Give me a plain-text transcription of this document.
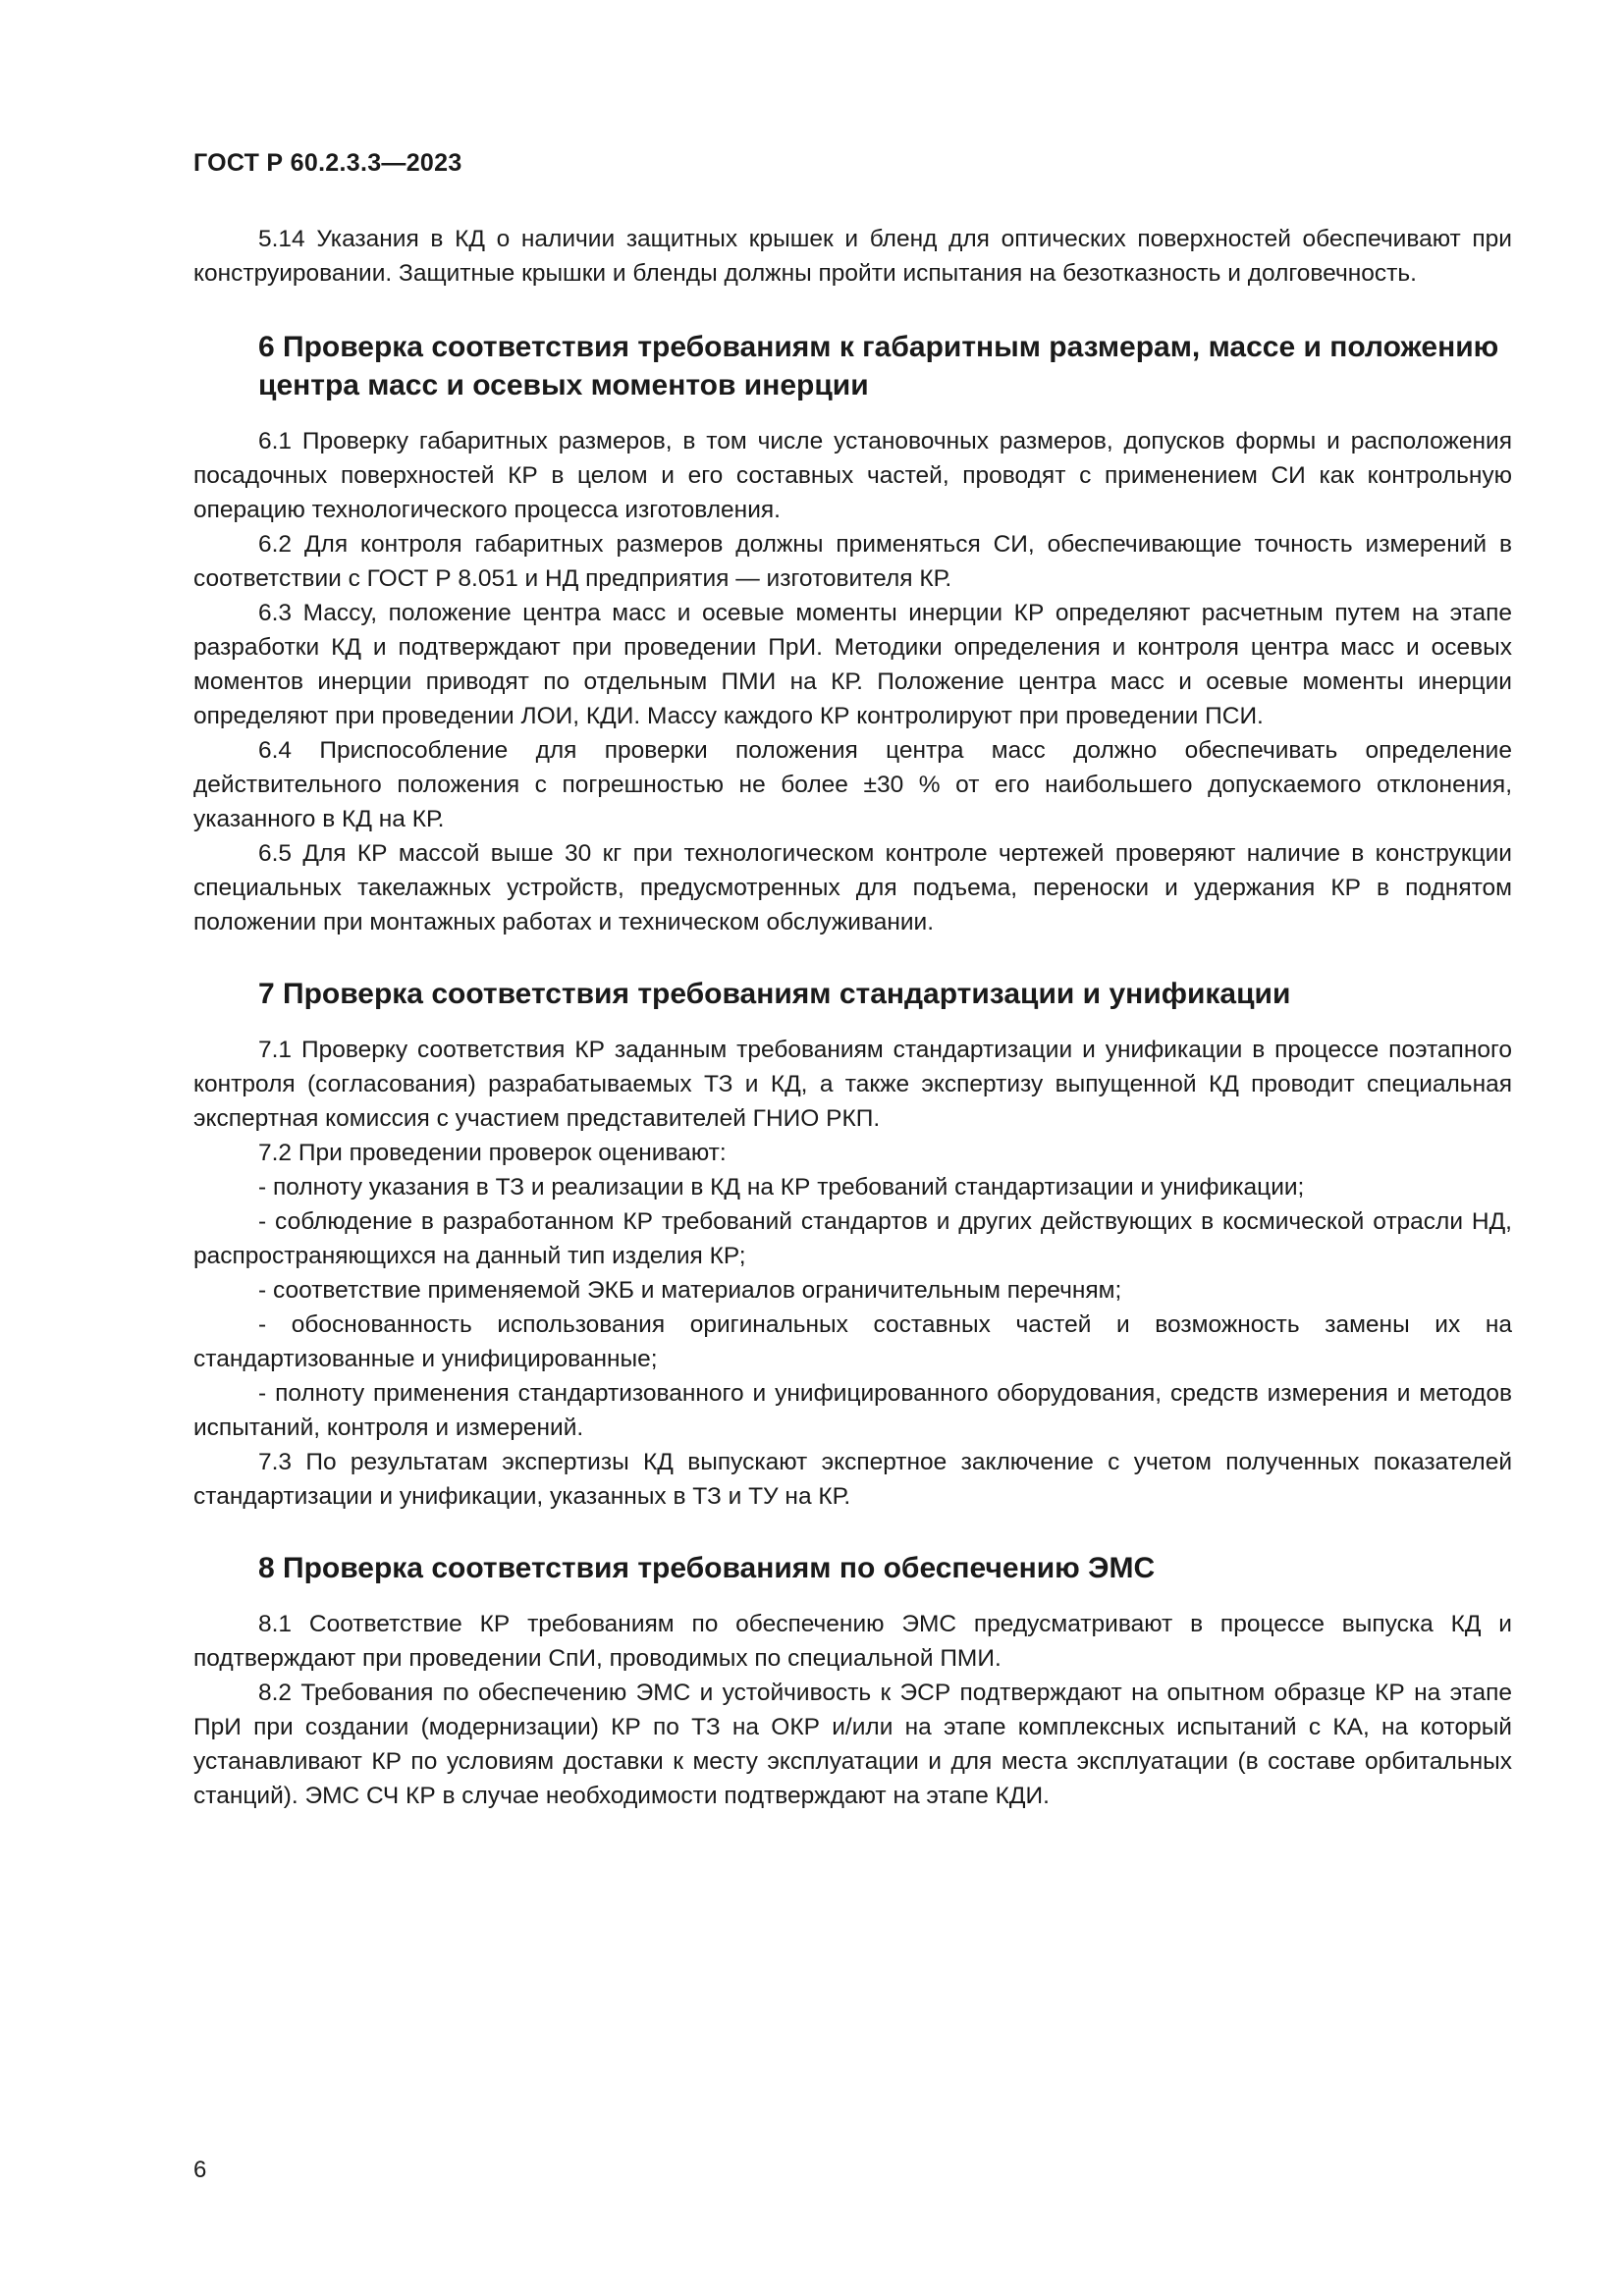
ГОСТ Р 60.2.3.3—2023

5.14 Указания в КД о наличии защитных крышек и бленд для оптических поверхностей обеспечивают при конструировании. Защитные крышки и бленды должны пройти испытания на безотказность и долговечность.

6 Проверка соответствия требованиям к габаритным размерам, массе и положению центра масс и осевых моментов инерции

6.1 Проверку габаритных размеров, в том числе установочных размеров, допусков формы и расположения посадочных поверхностей КР в целом и его составных частей, проводят с применением СИ как контрольную операцию технологического процесса изготовления.

6.2 Для контроля габаритных размеров должны применяться СИ, обеспечивающие точность измерений в соответствии с ГОСТ Р 8.051 и НД предприятия — изготовителя КР.

6.3 Массу, положение центра масс и осевые моменты инерции КР определяют расчетным путем на этапе разработки КД и подтверждают при проведении ПрИ. Методики определения и контроля центра масс и осевых моментов инерции приводят по отдельным ПМИ на КР. Положение центра масс и осевые моменты инерции определяют при проведении ЛОИ, КДИ. Массу каждого КР контролируют при проведении ПСИ.

6.4 Приспособление для проверки положения центра масс должно обеспечивать определение действительного положения с погрешностью не более ±30 % от его наибольшего допускаемого отклонения, указанного в КД на КР.

6.5 Для КР массой выше 30 кг при технологическом контроле чертежей проверяют наличие в конструкции специальных такелажных устройств, предусмотренных для подъема, переноски и удержания КР в поднятом положении при монтажных работах и техническом обслуживании.

7 Проверка соответствия требованиям стандартизации и унификации

7.1 Проверку соответствия КР заданным требованиям стандартизации и унификации в процессе поэтапного контроля (согласования) разрабатываемых ТЗ и КД, а также экспертизу выпущенной КД проводит специальная экспертная комиссия с участием представителей ГНИО РКП.

7.2 При проведении проверок оценивают:

- полноту указания в ТЗ и реализации в КД на КР требований стандартизации и унификации;

- соблюдение в разработанном КР требований стандартов и других действующих в космической отрасли НД, распространяющихся на данный тип изделия КР;

- соответствие применяемой ЭКБ и материалов ограничительным перечням;

- обоснованность использования оригинальных составных частей и возможность замены их на стандартизованные и унифицированные;

- полноту применения стандартизованного и унифицированного оборудования, средств измерения и методов испытаний, контроля и измерений.

7.3 По результатам экспертизы КД выпускают экспертное заключение с учетом полученных показателей стандартизации и унификации, указанных в ТЗ и ТУ на КР.

8 Проверка соответствия требованиям по обеспечению ЭМС

8.1 Соответствие КР требованиям по обеспечению ЭМС предусматривают в процессе выпуска КД и подтверждают при проведении СпИ, проводимых по специальной ПМИ.

8.2 Требования по обеспечению ЭМС и устойчивость к ЭСР подтверждают на опытном образце КР на этапе ПрИ при создании (модернизации) КР по ТЗ на ОКР и/или на этапе комплексных испытаний с КА, на который устанавливают КР по условиям доставки к месту эксплуатации и для места эксплуатации (в составе орбитальных станций). ЭМС СЧ КР в случае необходимости подтверждают на этапе КДИ.

6
